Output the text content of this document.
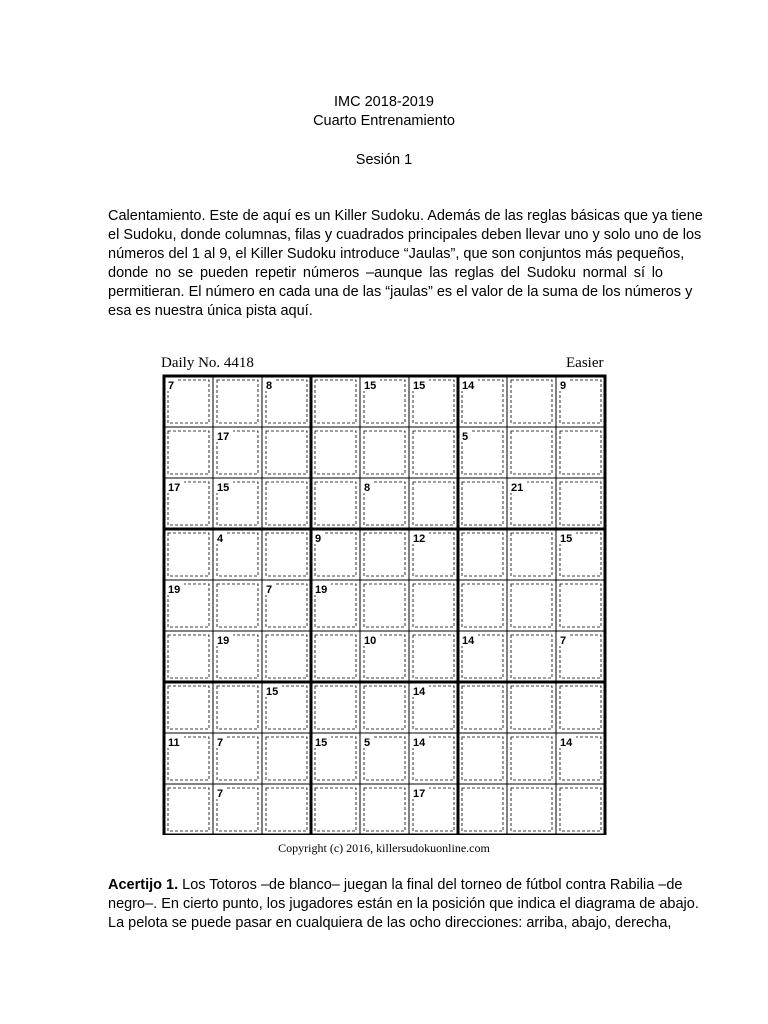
IMC 2018-2019
Cuarto Entrenamiento
Sesión 1
Calentamiento. Este de aquí es un Killer Sudoku. Además de las reglas básicas que ya tiene
el Sudoku, donde columnas, filas y cuadrados principales deben llevar uno y solo uno de los
números del 1 al 9, el Killer Sudoku introduce “Jaulas”, que son conjuntos más pequeños,
donde no se pueden repetir números –aunque las reglas del Sudoku normal sí lo
permitieran. El número en cada una de las “jaulas” es el valor de la suma de los números y
esa es nuestra única pista aquí.
Daily No. 4418	Easier
7	8	15	15	14	9
17	5
17	15	8	21
4	9	12	15
19	7	19
19	10	14	7
15	14
11	7	15	5	14	14
7	17
Copyright (c) 2016, killersudokuonline.com
Acertijo 1. Los Totoros –de blanco– juegan la final del torneo de fútbol contra Rabilia –de
negro–. En cierto punto, los jugadores están en la posición que indica el diagrama de abajo.
La pelota se puede pasar en cualquiera de las ocho direcciones: arriba, abajo, derecha,
